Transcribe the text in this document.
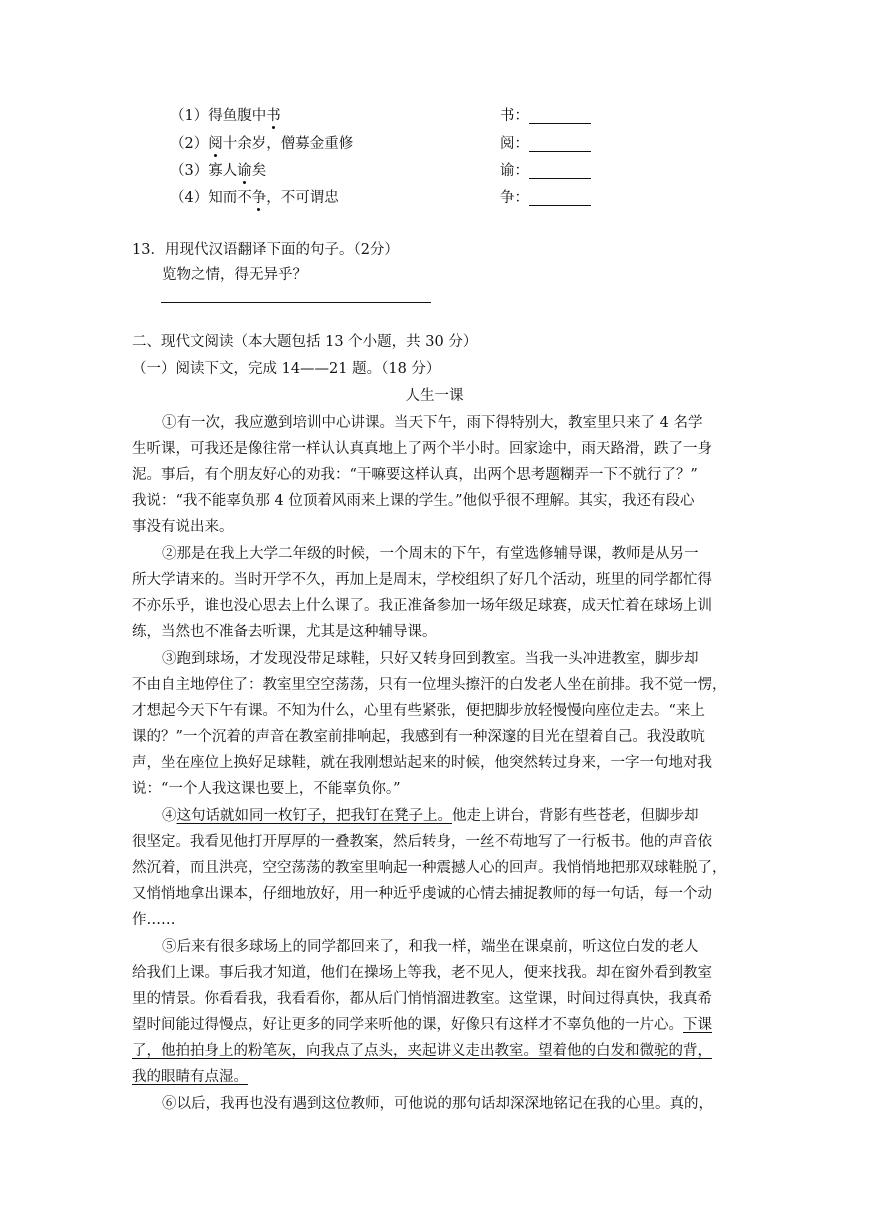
（1）得鱼腹中书	书：
（2）阅十余岁，僧募金重修	阅：
（3）寡人谕矣	谕：
（4）知而不争，不可谓忠	争：
13．用现代汉语翻译下面的句子。（2分）
览物之情，得无异乎？
二、现代文阅读（本大题包括 13 个小题，共 30 分）
（一）阅读下文，完成 14——21 题。（18 分）
人生一课
①有一次，我应邀到培训中心讲课。当天下午，雨下得特别大，教室里只来了 4 名学
生听课，可我还是像往常一样认认真真地上了两个半小时。回家途中，雨天路滑，跌了一身
泥。事后，有个朋友好心的劝我：“干嘛要这样认真，出两个思考题糊弄一下不就行了？”
我说：“我不能辜负那 4 位顶着风雨来上课的学生。”他似乎很不理解。其实，我还有段心
事没有说出来。
②那是在我上大学二年级的时候，一个周末的下午，有堂选修辅导课，教师是从另一
所大学请来的。当时开学不久，再加上是周末，学校组织了好几个活动，班里的同学都忙得
不亦乐乎，谁也没心思去上什么课了。我正准备参加一场年级足球赛，成天忙着在球场上训
练，当然也不准备去听课，尤其是这种辅导课。
③跑到球场，才发现没带足球鞋，只好又转身回到教室。当我一头冲进教室，脚步却
不由自主地停住了：教室里空空荡荡，只有一位埋头擦汗的白发老人坐在前排。我不觉一愣，
才想起今天下午有课。不知为什么，心里有些紧张，便把脚步放轻慢慢向座位走去。“来上
课的？”一个沉着的声音在教室前排响起，我感到有一种深邃的目光在望着自己。我没敢吭
声，坐在座位上换好足球鞋，就在我刚想站起来的时候，他突然转过身来，一字一句地对我
说：“一个人我这课也要上，不能辜负你。”
④这句话就如同一枚钉子，把我钉在凳子上。他走上讲台，背影有些苍老，但脚步却
很坚定。我看见他打开厚厚的一叠教案，然后转身，一丝不苟地写了一行板书。他的声音依
然沉着，而且洪亮，空空荡荡的教室里响起一种震撼人心的回声。我悄悄地把那双球鞋脱了，
又悄悄地拿出课本，仔细地放好，用一种近乎虔诚的心情去捕捉教师的每一句话，每一个动
作……
⑤后来有很多球场上的同学都回来了，和我一样，端坐在课桌前，听这位白发的老人
给我们上课。事后我才知道，他们在操场上等我，老不见人，便来找我。却在窗外看到教室
里的情景。你看看我，我看看你，都从后门悄悄溜进教室。这堂课，时间过得真快，我真希
望时间能过得慢点，好让更多的同学来听他的课，好像只有这样才不辜负他的一片心。下课
了，他拍拍身上的粉笔灰，向我点了点头，夹起讲义走出教室。望着他的白发和微驼的背，
我的眼睛有点湿。
⑥以后，我再也没有遇到这位教师，可他说的那句话却深深地铭记在我的心里。真的，
